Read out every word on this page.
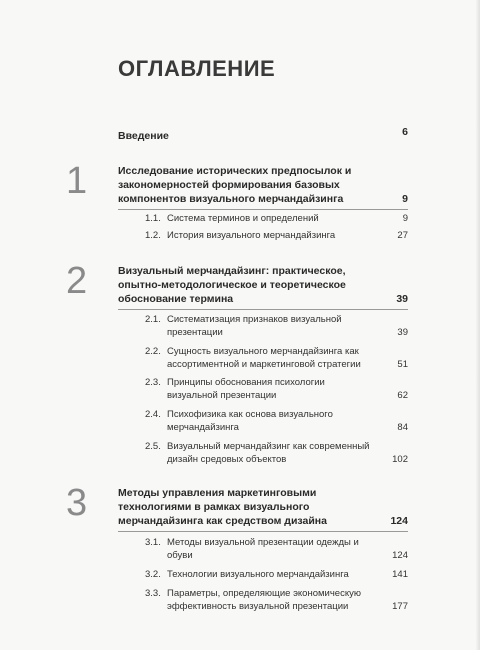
ОГЛАВЛЕНИЕ
Введение	6
1	Исследование исторических предпосылок и закономерностей формирования базовых компонентов визуального мерчандайзинга	9
1.1. Система терминов и определений	9
1.2. История визуального мерчандайзинга	27
2	Визуальный мерчандайзинг: практическое, опытно-методологическое и теоретическое обоснование термина	39
2.1. Систематизация признаков визуальной презентации	39
2.2. Сущность визуального мерчандайзинга как ассортиментной и маркетинговой стратегии	51
2.3. Принципы обоснования психологии визуальной презентации	62
2.4. Психофизика как основа визуального мерчандайзинга	84
2.5. Визуальный мерчандайзинг как современный дизайн средовых объектов	102
3	Методы управления маркетинговыми технологиями в рамках визуального мерчандайзинга как средством дизайна	124
3.1. Методы визуальной презентации одежды и обуви	124
3.2. Технологии визуального мерчандайзинга	141
3.3. Параметры, определяющие экономическую эффективность визуальной презентации	177
